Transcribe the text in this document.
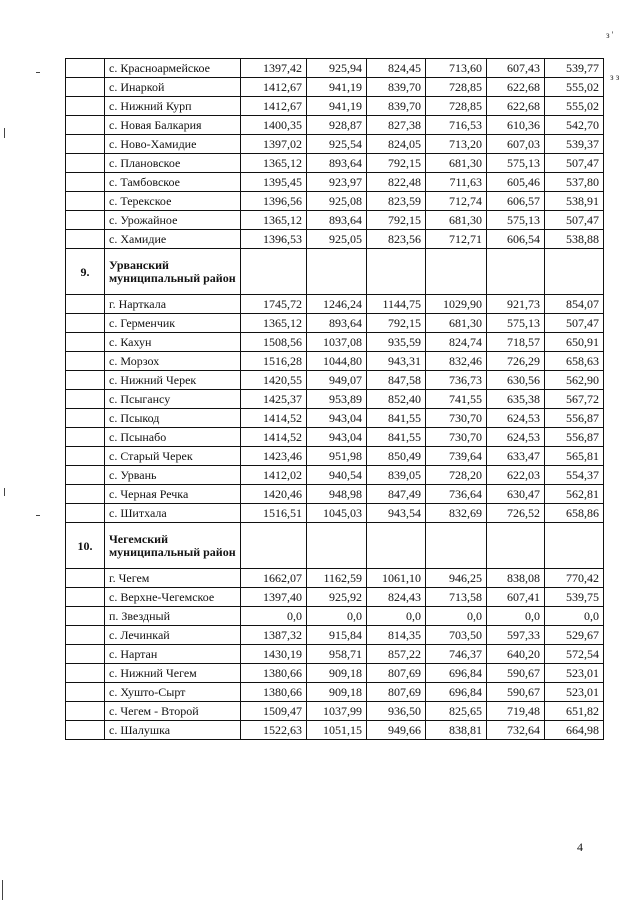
з '
з з
	с. Красноармейское	1397,42	925,94	824,45	713,60	607,43	539,77
	с. Инаркой	1412,67	941,19	839,70	728,85	622,68	555,02
	с. Нижний Курп	1412,67	941,19	839,70	728,85	622,68	555,02
	с. Новая Балкария	1400,35	928,87	827,38	716,53	610,36	542,70
	с. Ново-Хамидие	1397,02	925,54	824,05	713,20	607,03	539,37
	с. Плановское	1365,12	893,64	792,15	681,30	575,13	507,47
	с. Тамбовское	1395,45	923,97	822,48	711,63	605,46	537,80
	с. Терекское	1396,56	925,08	823,59	712,74	606,57	538,91
	с. Урожайное	1365,12	893,64	792,15	681,30	575,13	507,47
	с. Хамидие	1396,53	925,05	823,56	712,71	606,54	538,88
9.	Урванский муниципальный район						
	г. Нарткала	1745,72	1246,24	1144,75	1029,90	921,73	854,07
	с. Герменчик	1365,12	893,64	792,15	681,30	575,13	507,47
	с. Кахун	1508,56	1037,08	935,59	824,74	718,57	650,91
	с. Морзох	1516,28	1044,80	943,31	832,46	726,29	658,63
	с. Нижний Черек	1420,55	949,07	847,58	736,73	630,56	562,90
	с. Псыгансу	1425,37	953,89	852,40	741,55	635,38	567,72
	с. Псыкод	1414,52	943,04	841,55	730,70	624,53	556,87
	с. Псынабо	1414,52	943,04	841,55	730,70	624,53	556,87
	с. Старый Черек	1423,46	951,98	850,49	739,64	633,47	565,81
	с. Урвань	1412,02	940,54	839,05	728,20	622,03	554,37
	с. Черная Речка	1420,46	948,98	847,49	736,64	630,47	562,81
	с. Шитхала	1516,51	1045,03	943,54	832,69	726,52	658,86
10.	Чегемский муниципальный район						
	г. Чегем	1662,07	1162,59	1061,10	946,25	838,08	770,42
	с. Верхне-Чегемское	1397,40	925,92	824,43	713,58	607,41	539,75
	п. Звездный	0,0	0,0	0,0	0,0	0,0	0,0
	с. Лечинкай	1387,32	915,84	814,35	703,50	597,33	529,67
	с. Нартан	1430,19	958,71	857,22	746,37	640,20	572,54
	с. Нижний Чегем	1380,66	909,18	807,69	696,84	590,67	523,01
	с. Хушто-Сырт	1380,66	909,18	807,69	696,84	590,67	523,01
	с. Чегем - Второй	1509,47	1037,99	936,50	825,65	719,48	651,82
	с. Шалушка	1522,63	1051,15	949,66	838,81	732,64	664,98
4
